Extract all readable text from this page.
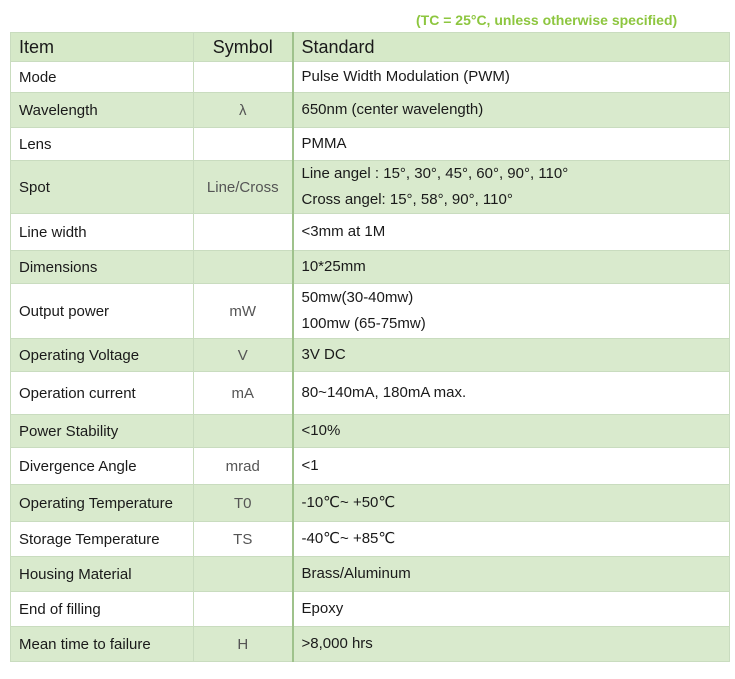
(TC = 25°C, unless otherwise specified)
Item	Symbol	Standard
Mode		Pulse Width Modulation (PWM)

Wavelength	λ	650nm (center wavelength)

Lens		PMMA

Spot	Line/Cross	Line angel : 15°, 30°, 45°, 60°, 90°, 110°
Cross angel: 15°, 58°, 90°, 110°

Line width		<3mm at 1M

Dimensions		10*25mm

Output power	mW	50mw(30-40mw)
100mw (65-75mw)

Operating Voltage	V	3V DC

Operation current	mA	80~140mA, 180mA max.

Power Stability		<10%

Divergence Angle	mrad	<1

Operating Temperature	T0	-10℃~ +50℃

Storage Temperature	TS	-40℃~ +85℃

Housing Material		Brass/Aluminum

End of filling		Epoxy

Mean time to failure	H	>8,000 hrs
